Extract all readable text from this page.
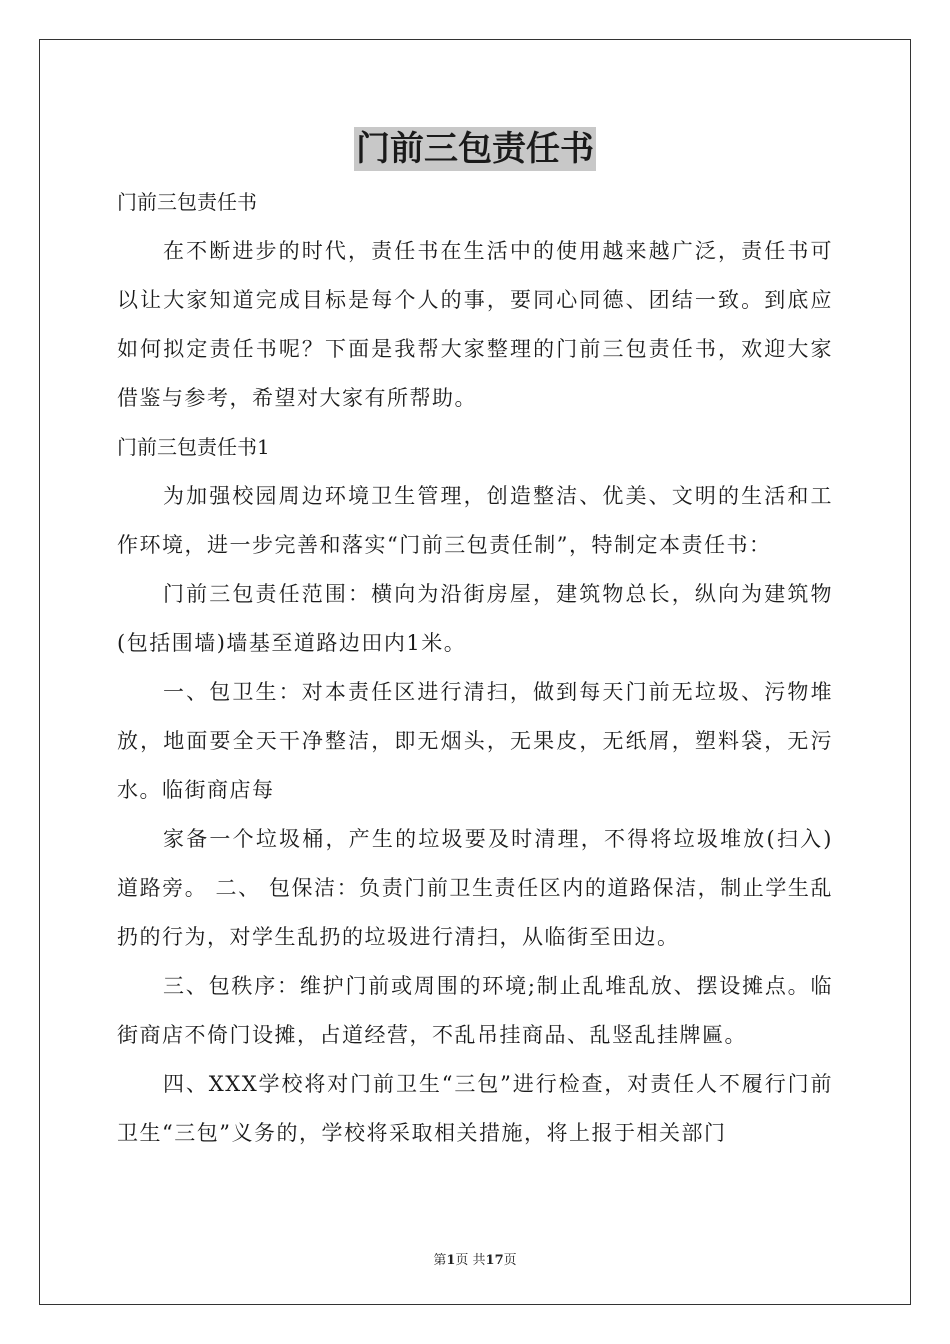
门前三包责任书
门前三包责任书

在不断进步的时代，责任书在生活中的使用越来越广泛，责任书可以让大家知道完成目标是每个人的事，要同心同德、团结一致。到底应如何拟定责任书呢？下面是我帮大家整理的门前三包责任书，欢迎大家借鉴与参考，希望对大家有所帮助。

门前三包责任书1

为加强校园周边环境卫生管理，创造整洁、优美、文明的生活和工作环境，进一步完善和落实“门前三包责任制”，特制定本责任书：

门前三包责任范围：横向为沿街房屋，建筑物总长，纵向为建筑物(包括围墙)墙基至道路边田内1米。

一、包卫生：对本责任区进行清扫，做到每天门前无垃圾、污物堆放，地面要全天干净整洁，即无烟头，无果皮，无纸屑，塑料袋，无污水。临街商店每

家备一个垃圾桶，产生的垃圾要及时清理，不得将垃圾堆放(扫入)道路旁。 二、 包保洁：负责门前卫生责任区内的道路保洁，制止学生乱扔的行为，对学生乱扔的垃圾进行清扫，从临街至田边。

三、包秩序：维护门前或周围的环境;制止乱堆乱放、摆设摊点。临街商店不倚门设摊，占道经营，不乱吊挂商品、乱竖乱挂牌匾。

四、XXX学校将对门前卫生“三包”进行检查，对责任人不履行门前卫生“三包”义务的，学校将采取相关措施，将上报于相关部门

第1页 共17页
